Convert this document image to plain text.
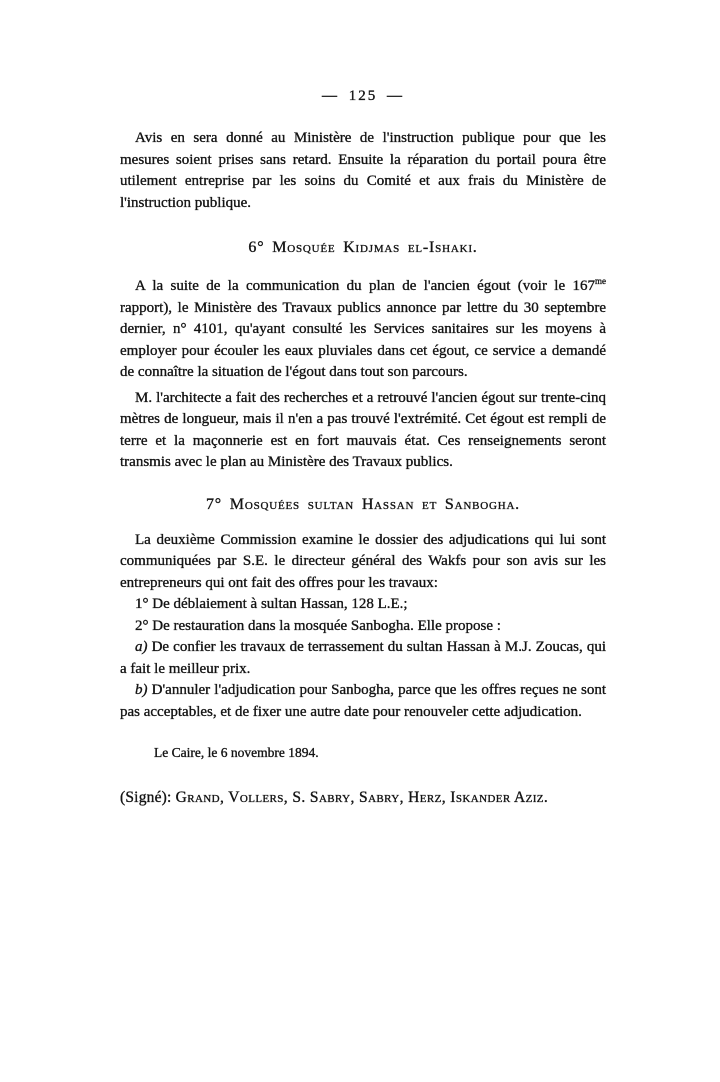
— 125 —

Avis en sera donné au Ministère de l'instruction publique pour que les mesures soient prises sans retard. Ensuite la réparation du portail poura être utilement entreprise par les soins du Comité et aux frais du Ministère de l'instruction publique.

6° Mosquée Kidjmas el-Ishaki.

A la suite de la communication du plan de l'ancien égout (voir le $167^{me}$ rapport), le Ministère des Travaux publics annonce par lettre du 30 septembre dernier, n° 4101, qu'ayant consulté les Services sanitaires sur les moyens à employer pour écouler les eaux pluviales dans cet égout, ce service a demandé de connaître la situation de l'égout dans tout son parcours.

M. l'architecte a fait des recherches et a retrouvé l'ancien égout sur trente-cinq mètres de longueur, mais il n'en a pas trouvé l'extrémité. Cet égout est rempli de terre et la maçonnerie est en fort mauvais état. Ces renseignements seront transmis avec le plan au Ministère des Travaux publics.

7° Mosquées sultan Hassan et Sanbogha.

La deuxième Commission examine le dossier des adjudications qui lui sont communiquées par S.E. le directeur général des Wakfs pour son avis sur les entrepreneurs qui ont fait des offres pour les travaux:

1° De déblaiement à sultan Hassan, 128 L.E.;

2° De restauration dans la mosquée Sanbogha. Elle propose :

a) De confier les travaux de terrassement du sultan Hassan à M.J. Zoucas, qui a fait le meilleur prix.

b) D'annuler l'adjudication pour Sanbogha, parce que les offres reçues ne sont pas acceptables, et de fixer une autre date pour renouveler cette adjudication.

Le Caire, le 6 novembre 1894.

(Signé): Grand, Vollers, S. Sabry, Sabry, Herz, Iskander Aziz.
